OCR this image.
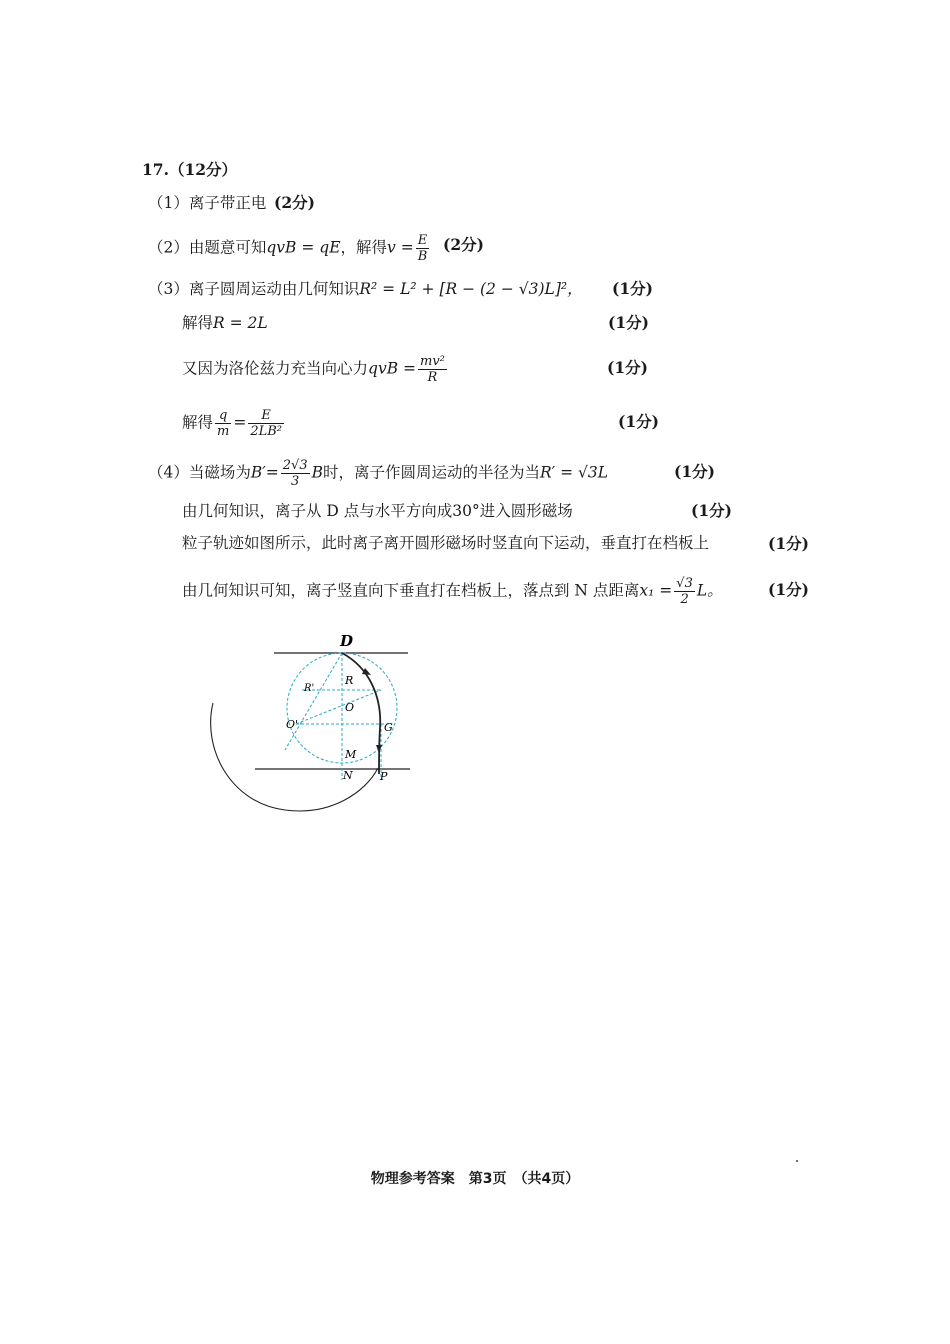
17.（12分）
（1）离子带正电 (2分)
（2）由题意可知qvB = qE，解得$v = \frac{E}{B} (2$分)
（3）离子圆周运动由几何知识R² = L² + [R − (2 − √3)L]²， (1分)
解得R = 2L	(1分)
又因为洛伦兹力充当向心力qvB = $\frac{\text{mv²}}{R}$	(1分)
解得 $\frac{q}{m} = \frac{E}{\text{2LB²}}$	(1分)
（4）当磁场为$B'= \frac{2√3}{3}$ B时，离子作圆周运动的半径为当R′ = √3L	(1分)
由几何知识，离子从 D 点与水平方向成30°进入圆形磁场	(1分)
粒子轨迹如图所示，此时离子离开圆形磁场时竖直向下运动，垂直打在档板上	(1分)
由几何知识可知，离子竖直向下垂直打在档板上，落点到 N 点距离$x_1 = \frac{√3}{2}$ L。	(1分)
D
R'
R
O
O'	G
M
N P
物理参考答案　第3页　（共4页）
